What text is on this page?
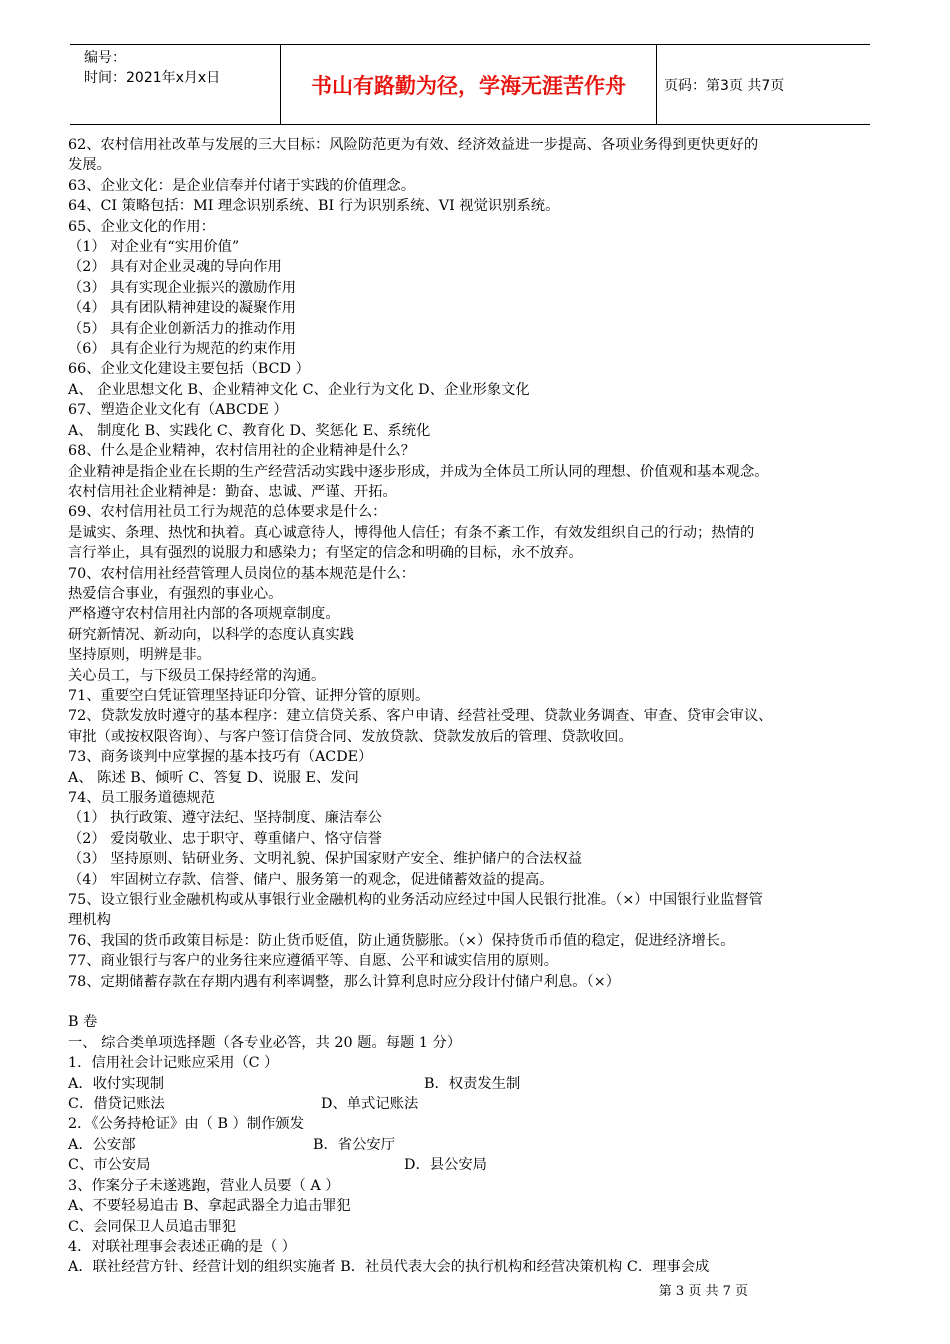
编号：
时间：2021年x月x日	书山有路勤为径，学海无涯苦作舟	页码：第3页 共7页
62、农村信用社改革与发展的三大目标：风险防范更为有效、经济效益进一步提高、各项业务得到更快更好的
发展。
63、企业文化：是企业信奉并付诸于实践的价值理念。
64、CI 策略包括：MI 理念识别系统、BI 行为识别系统、VI 视觉识别系统。
65、企业文化的作用：
（1） 对企业有“实用价值”
（2） 具有对企业灵魂的导向作用
（3） 具有实现企业振兴的激励作用
（4） 具有团队精神建设的凝聚作用
（5） 具有企业创新活力的推动作用
（6） 具有企业行为规范的约束作用
66、企业文化建设主要包括（BCD ）
A、 企业思想文化 B、企业精神文化 C、企业行为文化 D、企业形象文化
67、塑造企业文化有（ABCDE ）
A、 制度化 B、实践化 C、教育化 D、奖惩化 E、系统化
68、什么是企业精神，农村信用社的企业精神是什么？
企业精神是指企业在长期的生产经营活动实践中逐步形成，并成为全体员工所认同的理想、价值观和基本观念。
农村信用社企业精神是：勤奋、忠诚、严谨、开拓。
69、农村信用社员工行为规范的总体要求是什么：
是诚实、条理、热忱和执着。真心诚意待人，博得他人信任；有条不紊工作，有效发组织自己的行动；热情的
言行举止，具有强烈的说服力和感染力；有坚定的信念和明确的目标，永不放弃。
70、农村信用社经营管理人员岗位的基本规范是什么：
热爱信合事业，有强烈的事业心。
严格遵守农村信用社内部的各项规章制度。
研究新情况、新动向，以科学的态度认真实践
坚持原则，明辨是非。
关心员工，与下级员工保持经常的沟通。
71、重要空白凭证管理坚持证印分管、证押分管的原则。
72、贷款发放时遵守的基本程序：建立信贷关系、客户申请、经营社受理、贷款业务调查、审查、贷审会审议、
审批（或按权限咨询）、与客户签订信贷合同、发放贷款、贷款发放后的管理、贷款收回。
73、商务谈判中应掌握的基本技巧有（ACDE）
A、 陈述 B、倾听 C、答复 D、说服 E、发问
74、员工服务道德规范
（1） 执行政策、遵守法纪、坚持制度、廉洁奉公
（2） 爱岗敬业、忠于职守、尊重储户、恪守信誉
（3） 坚持原则、钻研业务、文明礼貌、保护国家财产安全、维护储户的合法权益
（4） 牢固树立存款、信誉、储户、服务第一的观念，促进储蓄效益的提高。
75、设立银行业金融机构或从事银行业金融机构的业务活动应经过中国人民银行批准。（×）中国银行业监督管
理机构
76、我国的货币政策目标是：防止货币贬值，防止通货膨胀。（×）保持货币币值的稳定，促进经济增长。
77、商业银行与客户的业务往来应遵循平等、自愿、公平和诚实信用的原则。
78、定期储蓄存款在存期内遇有利率调整，那么计算利息时应分段计付储户利息。（×）
B 卷
一、 综合类单项选择题（各专业必答，共 20 题。每题 1 分）
1．信用社会计记账应采用（C ）
A．收付实现制	B．权责发生制
C．借贷记账法	D、单式记账法
2．《公务持枪证》由（ B ）制作颁发
A．公安部	B．省公安厅
C、市公安局	D．县公安局
3、作案分子未遂逃跑，营业人员要（ A ）
A、不要轻易追击 B、拿起武器全力追击罪犯
C、会同保卫人员追击罪犯
4．对联社理事会表述正确的是（ ）
A．联社经营方针、经营计划的组织实施者 B．社员代表大会的执行机构和经营决策机构 C．理事会成
第 3 页 共 7 页
